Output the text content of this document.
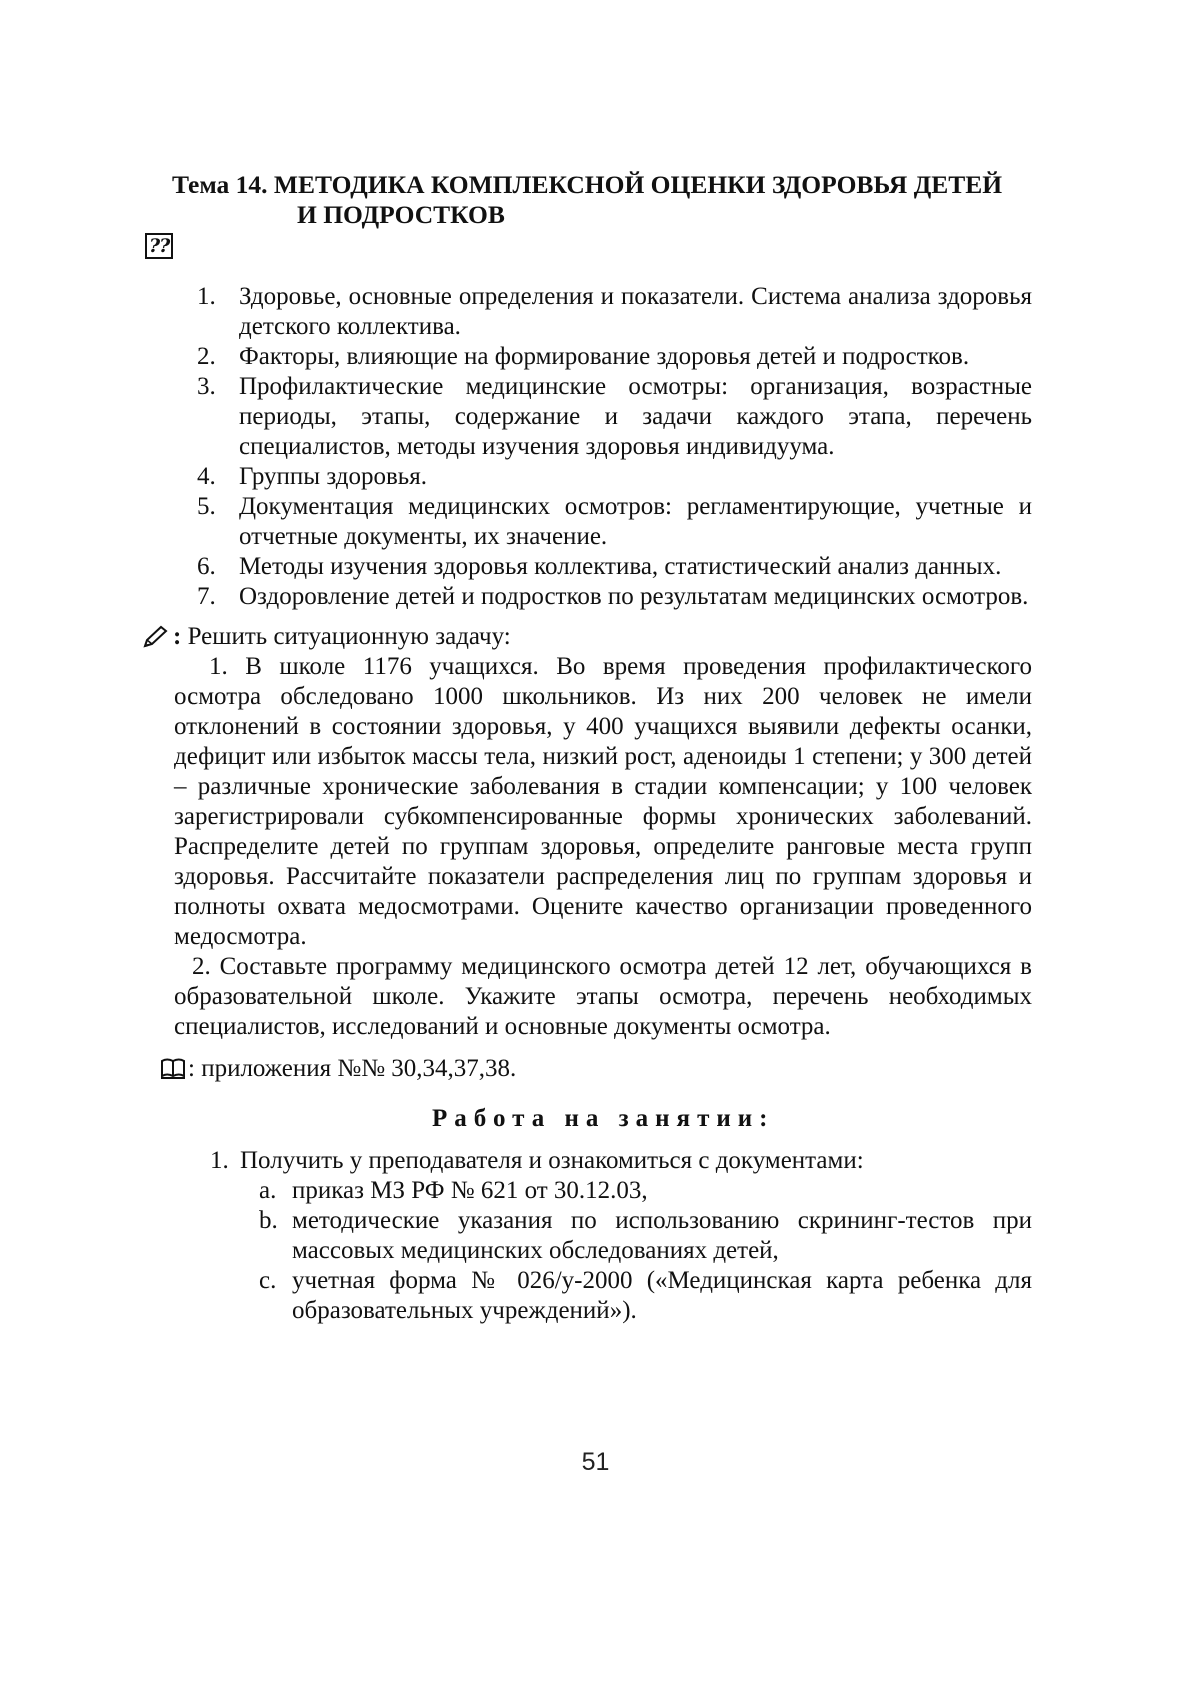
Тема 14. МЕТОДИКА КОМПЛЕКСНОЙ ОЦЕНКИ ЗДОРОВЬЯ ДЕТЕЙ
И ПОДРОСТКОВ
??
1. Здоровье, основные определения и показатели. Система анализа здоровья детского коллектива.
2. Факторы, влияющие на формирование здоровья детей и подростков.
3. Профилактические медицинские осмотры: организация, возрастные периоды, этапы, содержание и задачи каждого этапа, перечень специалистов, методы изучения здоровья индивидуума.
4. Группы здоровья.
5. Документация медицинских осмотров: регламентирующие, учетные и отчетные документы, их значение.
6. Методы изучения здоровья коллектива, статистический анализ данных.
7. Оздоровление детей и подростков по результатам медицинских осмотров.
: Решить ситуационную задачу:

1. В школе 1176 учащихся. Во время проведения профилактического осмотра обследовано 1000 школьников. Из них 200 человек не имели отклонений в состоянии здоровья, у 400 учащихся выявили дефекты осанки, дефицит или избыток массы тела, низкий рост, аденоиды 1 степени; у 300 детей – различные хронические заболевания в стадии компенсации; у 100 человек зарегистрировали субкомпенсированные формы хронических заболеваний. Распределите детей по группам здоровья, определите ранговые места групп здоровья. Рассчитайте показатели распределения лиц по группам здоровья и полноты охвата медосмотрами. Оцените качество организации проведенного медосмотра.

2. Составьте программу медицинского осмотра детей 12 лет, обучающихся в образовательной школе. Укажите этапы осмотра, перечень необходимых специалистов, исследований и основные документы осмотра.

: приложения №№ 30,34,37,38.
Работа на занятии:
1. Получить у преподавателя и ознакомиться с документами:
a. приказ МЗ РФ № 621 от 30.12.03,
b. методические указания по использованию скрининг-тестов при массовых медицинских обследованиях детей,
c. учетная форма № 026/у-2000 («Медицинская карта ребенка для образовательных учреждений»).
51
